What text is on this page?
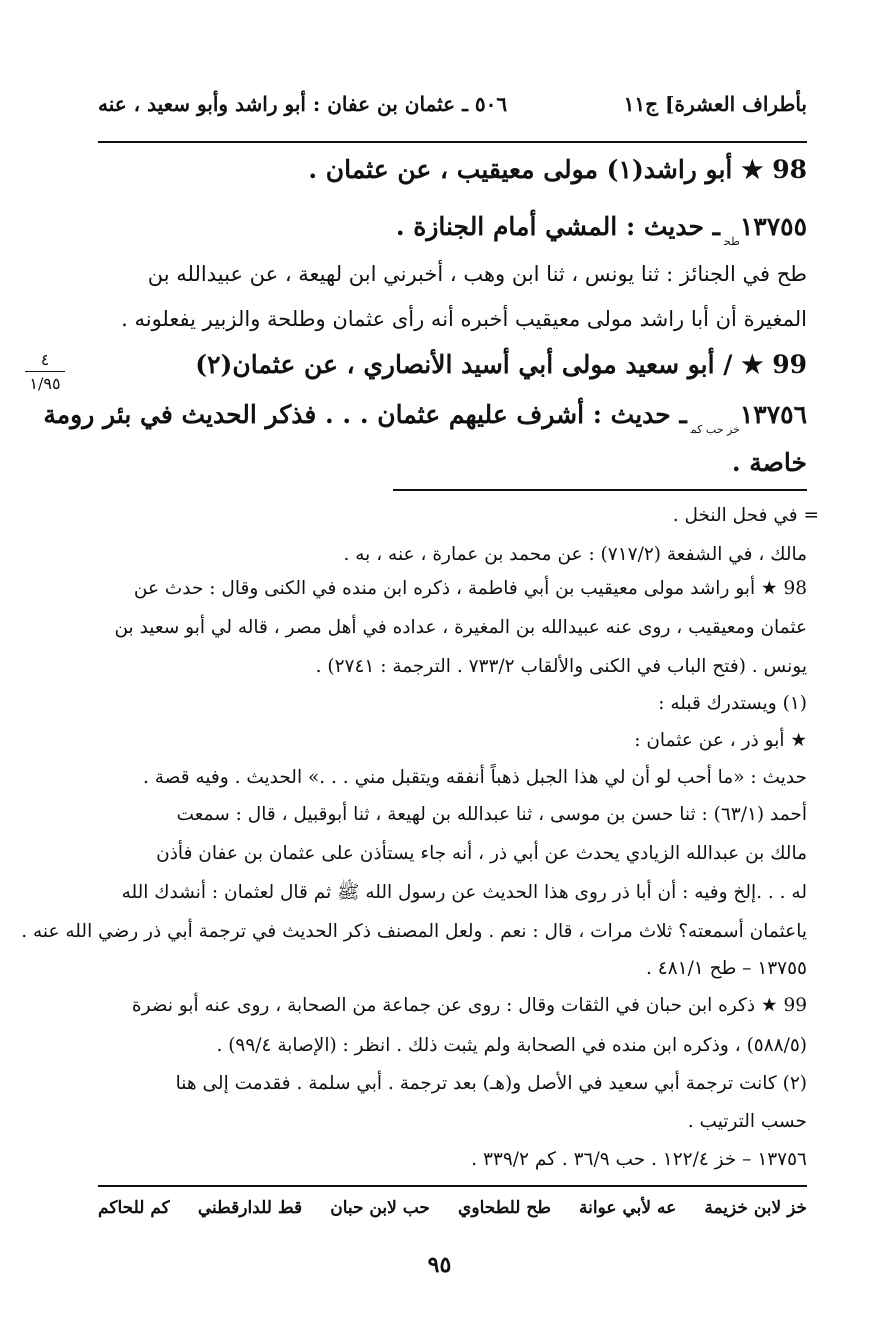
بأطراف العشرة] ج١١
٥٠٦ ـ عثمان بن عفان : أبو راشد وأبو سعيد ، عنه
98 ★ أبو راشد(١) مولى معيقيب ، عن عثمان .
$١٣٧٥٥_{طح}ـ$ حديث : المشي أمام الجنازة .
طح في الجنائز : ثنا يونس ، ثنا ابن وهب ، أخبرني ابن لهيعة ، عن عبيدالله بن
المغيرة أن أبا راشد مولى معيقيب أخبره أنه رأى عثمان وطلحة والزبير يفعلونه .
99 ★ / أبو سعيد مولى أبي أسيد الأنصاري ، عن عثمان(٢)
$١٣٧٥٦_{خز حب كم}ـ$ حديث : أشرف عليهم عثمان . . . فذكر الحديث في بئر رومة
خاصة .
٤
١/٩٥
= في فحل النخل .
مالك ، في الشفعة (٧١٧/٢) : عن محمد بن عمارة ، عنه ، به .
98 ★ أبو راشد مولى معيقيب بن أبي فاطمة ، ذكره ابن منده في الكنى وقال : حدث عن
عثمان ومعيقيب ، روى عنه عبيدالله بن المغيرة ، عداده في أهل مصر ، قاله لي أبو سعيد بن
يونس . (فتح الباب في الكنى والألقاب ٧٣٣/٢ . الترجمة : ٢٧٤١) .
(١) ويستدرك قبله :
★ أبو ذر ، عن عثمان :
حديث : «ما أحب لو أن لي هذا الجبل ذهباً أنفقه ويتقبل مني . . .» الحديث . وفيه قصة .
أحمد (٦٣/١) : ثنا حسن بن موسى ، ثنا عبدالله بن لهيعة ، ثنا أبوقبيل ، قال : سمعت
مالك بن عبدالله الزيادي يحدث عن أبي ذر ، أنه جاء يستأذن على عثمان بن عفان فأذن
له . . .إلخ وفيه : أن أبا ذر روى هذا الحديث عن رسول الله ﷺ ثم قال لعثمان : أنشدك الله
ياعثمان أسمعته؟ ثلاث مرات ، قال : نعم . ولعل المصنف ذكر الحديث في ترجمة أبي ذر رضي الله عنه .
١٣٧٥٥ – طح ٤٨١/١ .
99 ★ ذكره ابن حبان في الثقات وقال : روى عن جماعة من الصحابة ، روى عنه أبو نضرة
(٥٨٨/٥) ، وذكره ابن منده في الصحابة ولم يثبت ذلك . انظر : (الإصابة ٩٩/٤) .
(٢) كانت ترجمة أبي سعيد في الأصل و(هـ) بعد ترجمة . أبي سلمة . فقدمت إلى هنا
حسب الترتيب .
١٣٧٥٦ – خز ١٢٢/٤ . حب ٣٦/٩ . كم ٣٣٩/٢ .
خز لابن خزيمة
عه لأبي عوانة
طح للطحاوي
حب لابن حبان
قط للدارقطني
كم للحاكم
٩٥
